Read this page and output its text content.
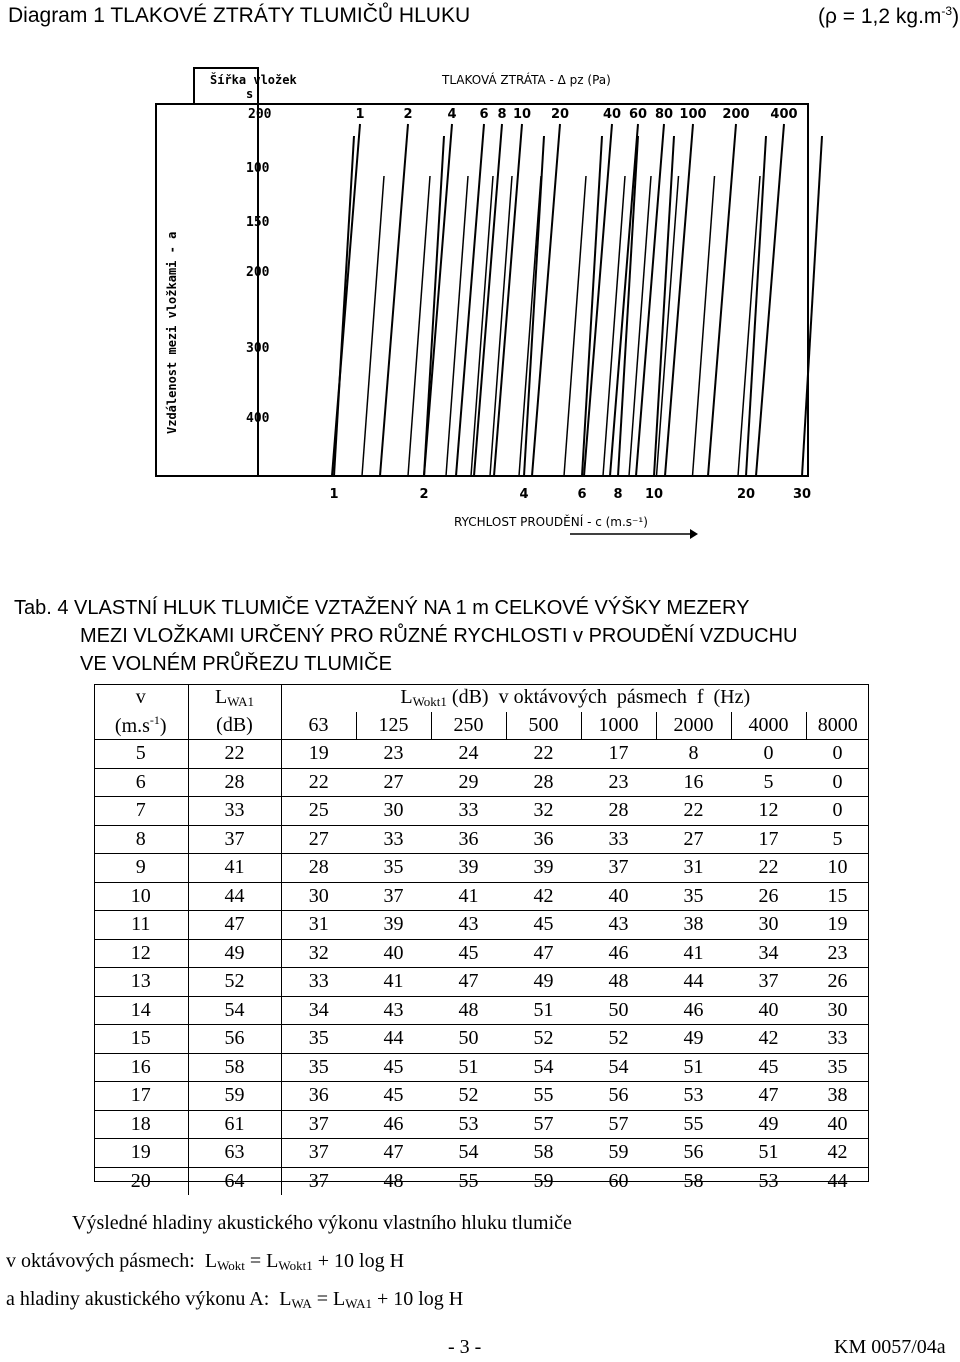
Diagram 1 TLAKOVÉ ZTRÁTY TLUMIČŮ HLUKU	(ρ = 1,2 $kg.m^{-3}$)
Šířka vložek
s
200
Vzdálenost mezi vložkami - a
100
150
200
300
400
TLAKOVÁ ZTRÁTA - Δ pz (Pa)
1	2	4 6 8 10 20	40 60 80 100 200 400
1	2	4	6 8 10	20	30
RYCHLOST PROUDĚNÍ - c (m.s⁻¹)
Tab. 4 VLASTNÍ HLUK TLUMIČE VZTAŽENÝ NA 1 m CELKOVÉ VÝŠKY MEZERY
MEZI VLOŽKAMI URČENÝ PRO RŮZNÉ RYCHLOSTI v PROUDĚNÍ VZDUCHU
VE VOLNÉM PRŮŘEZU TLUMIČE
v	$L_{WA1}$	$L_{Wokt1}$ (dB)  v oktávových  pásmech  f  (Hz)							
$(m.s^{-1})$	(dB)	63	125	250	500	1000	2000	4000	8000
5	22	19	23	24	22	17	8	0	0
6	28	22	27	29	28	23	16	5	0
7	33	25	30	33	32	28	22	12	0
8	37	27	33	36	36	33	27	17	5
9	41	28	35	39	39	37	31	22	10
10	44	30	37	41	42	40	35	26	15
11	47	31	39	43	45	43	38	30	19
12	49	32	40	45	47	46	41	34	23
13	52	33	41	47	49	48	44	37	26
14	54	34	43	48	51	50	46	40	30
15	56	35	44	50	52	52	49	42	33
16	58	35	45	51	54	54	51	45	35
17	59	36	45	52	55	56	53	47	38
18	61	37	46	53	57	57	55	49	40
19	63	37	47	54	58	59	56	51	42
20	64	37	48	55	59	60	58	53	44
Výsledné hladiny akustického výkonu vlastního hluku tlumiče
v oktávových pásmech:  $L_{Wokt} = L_{Wokt1} + 10$ log H
a hladiny akustického výkonu A:  $L_{WA} = L_{WA1} + 10$ log H
- 3 -	KM 0057/04a
